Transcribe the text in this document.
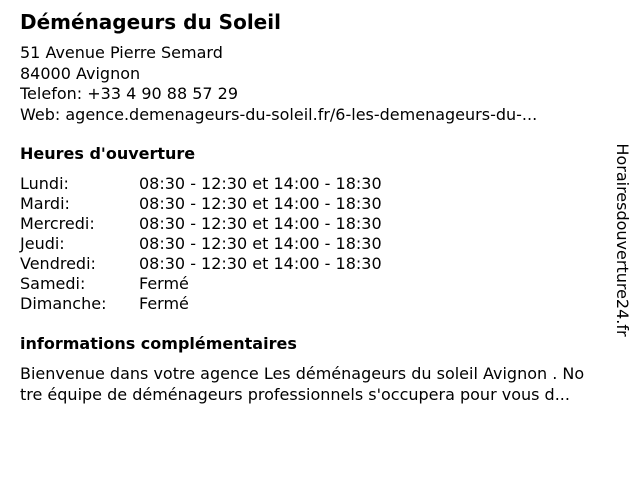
Déménageurs du Soleil
51 Avenue Pierre Semard
84000 Avignon
Telefon: +33 4 90 88 57 29
Web: agence.demenageurs-du-soleil.fr/6-les-demenageurs-du-...
Heures d'ouverture
Lundi:	08:30 - 12:30 et 14:00 - 18:30
Mardi:	08:30 - 12:30 et 14:00 - 18:30
Mercredi:	08:30 - 12:30 et 14:00 - 18:30
Jeudi:	08:30 - 12:30 et 14:00 - 18:30
Vendredi:	08:30 - 12:30 et 14:00 - 18:30
Samedi:	Fermé
Dimanche:	Fermé
informations complémentaires
Bienvenue dans votre agence Les déménageurs du soleil Avignon . No
tre équipe de déménageurs professionnels s'occupera pour vous d...
Horairesdouverture24.fr
